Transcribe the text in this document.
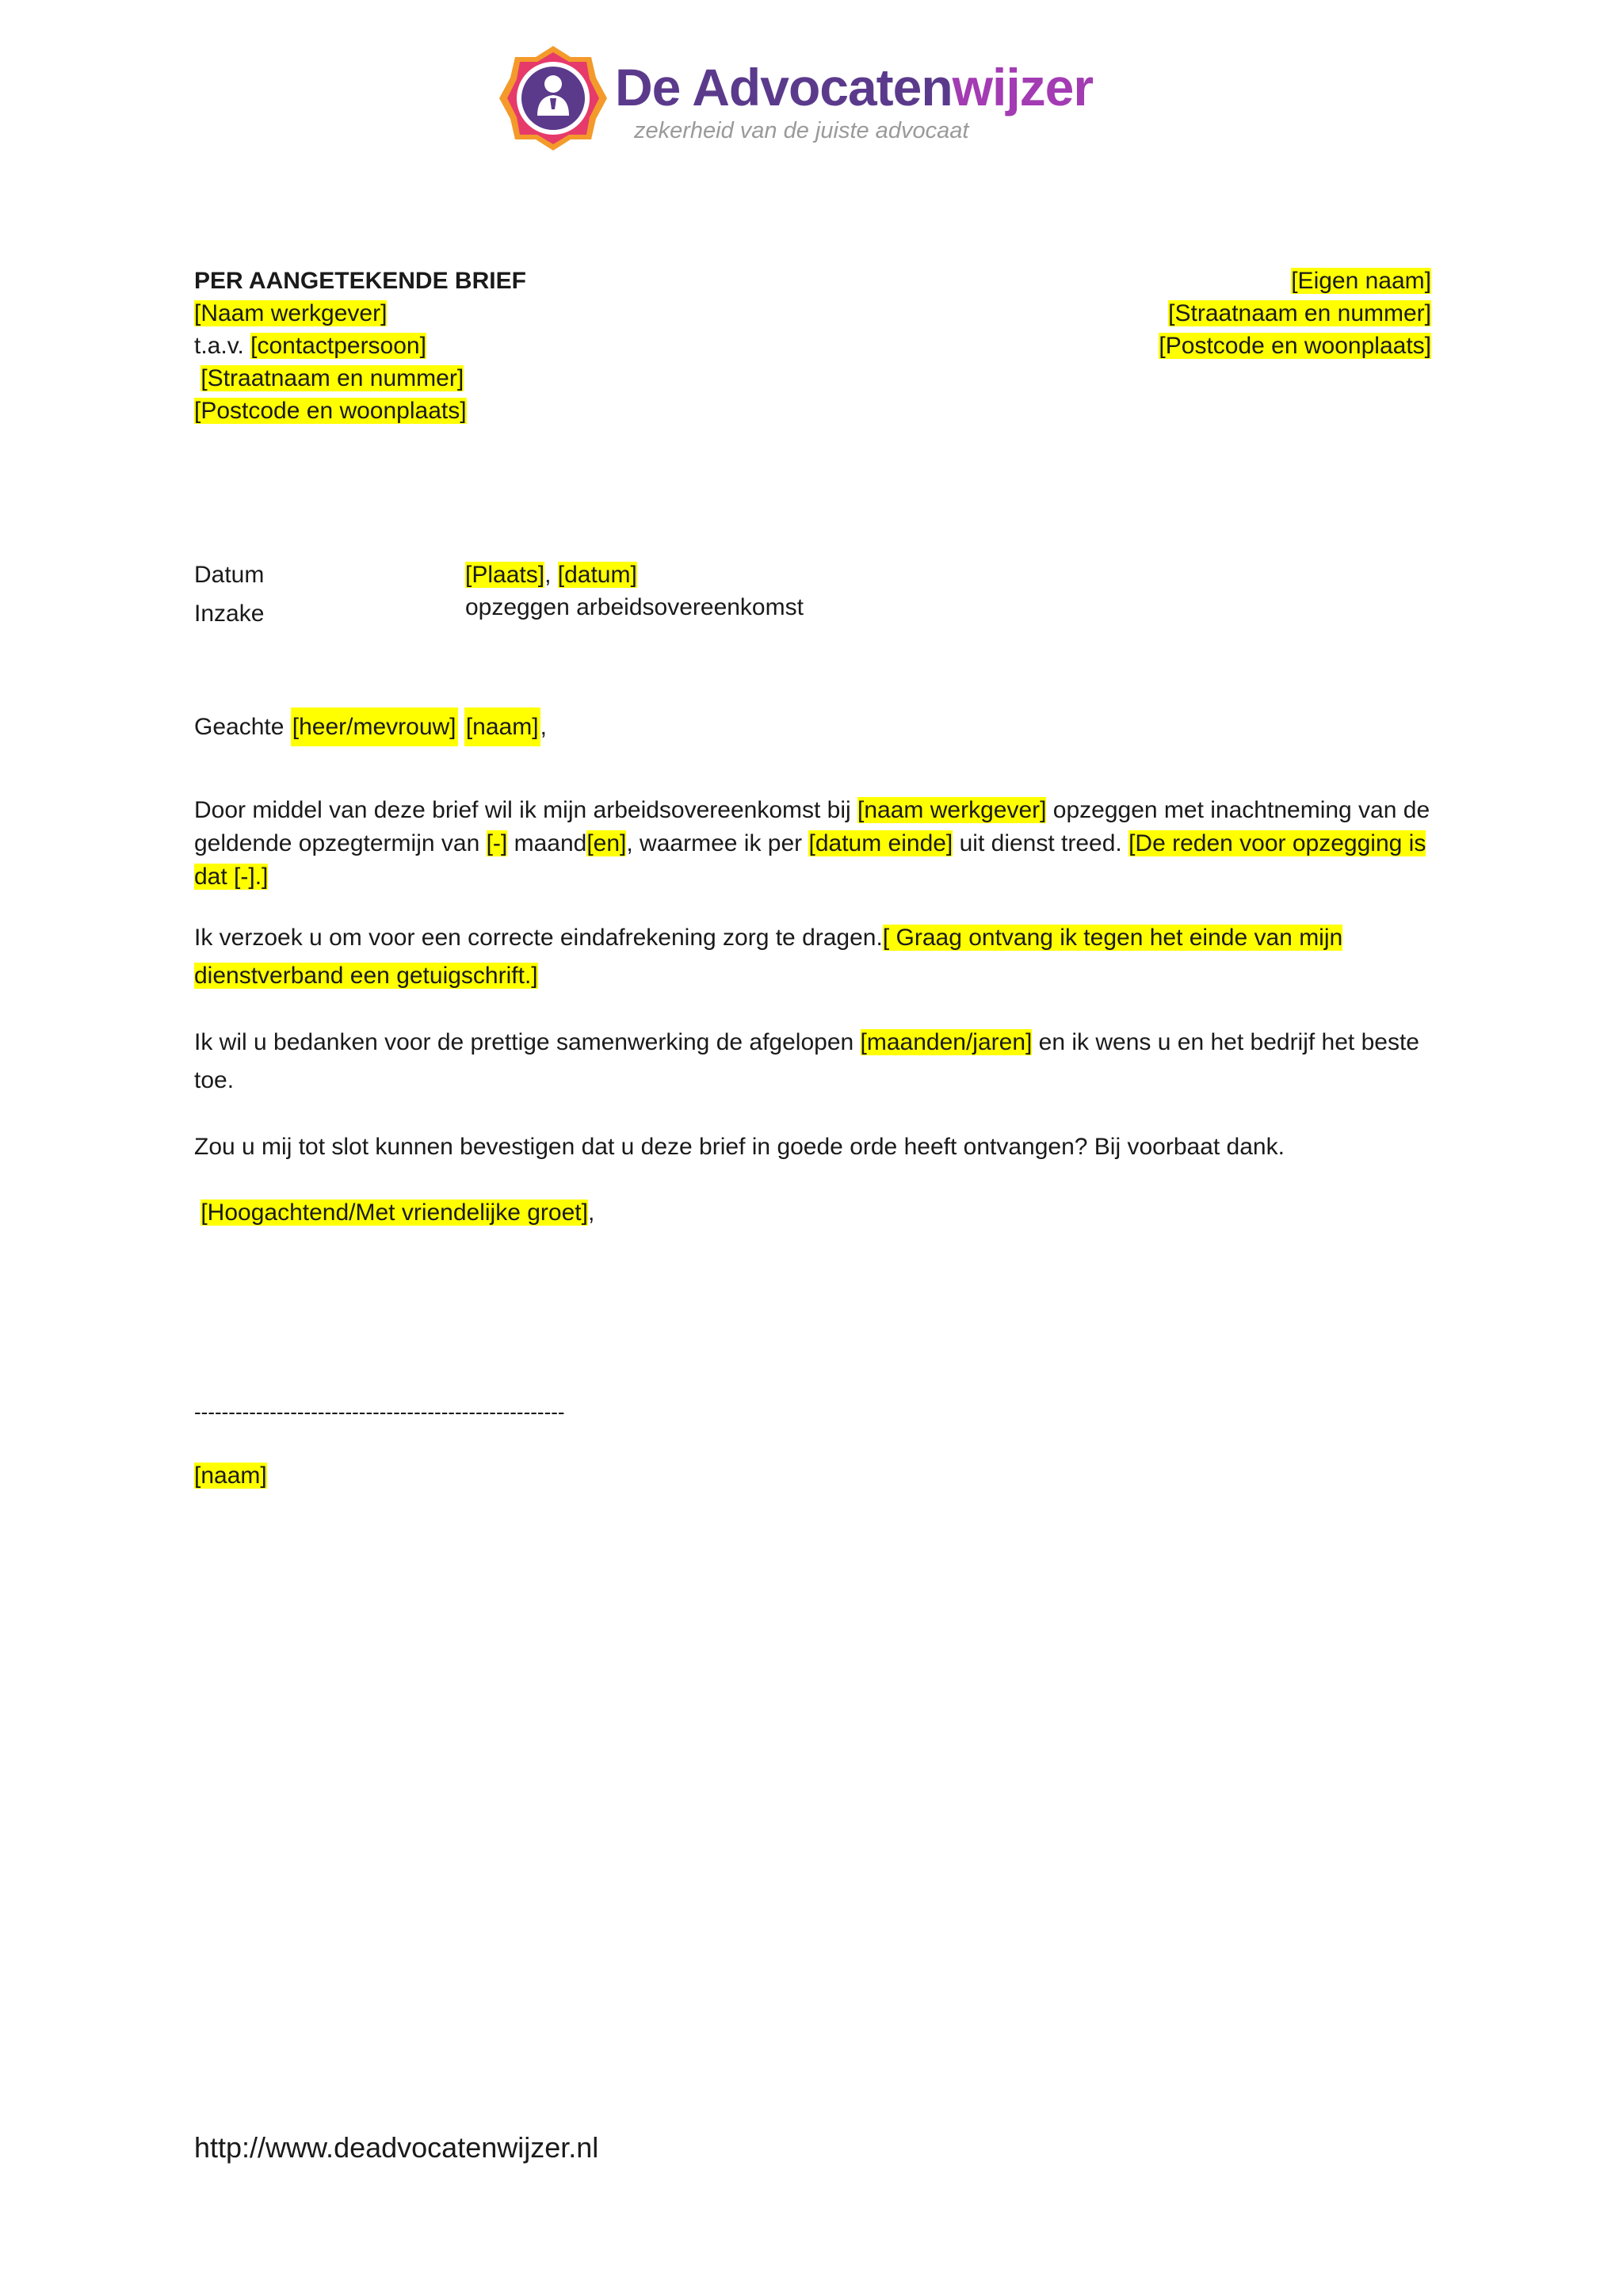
De Advocatenwijzer
zekerheid van de juiste advocaat
PER AANGETEKENDE BRIEF
[Naam werkgever]
t.a.v. [contactpersoon]
[Straatnaam en nummer]
[Postcode en woonplaats]
[Eigen naam]
[Straatnaam en nummer]
[Postcode en woonplaats]
Datum	[Plaats], [datum]
Inzake	opzeggen arbeidsovereenkomst
Geachte [heer/mevrouw] [naam],
Door middel van deze brief wil ik mijn arbeidsovereenkomst bij [naam werkgever] opzeggen met inachtneming van de geldende opzegtermijn van [-] maand[en], waarmee ik per [datum einde] uit dienst treed. [De reden voor opzegging is dat [-].]
Ik verzoek u om voor een correcte eindafrekening zorg te dragen.[ Graag ontvang ik tegen het einde van mijn dienstverband een getuigschrift.]
Ik wil u bedanken voor de prettige samenwerking de afgelopen [maanden/jaren] en ik wens u en het bedrijf het beste toe.
Zou u mij tot slot kunnen bevestigen dat u deze brief in goede orde heeft ontvangen? Bij voorbaat dank.
[Hoogachtend/Met vriendelijke groet],
------------------------------------------------------
[naam]
http://www.deadvocatenwijzer.nl
